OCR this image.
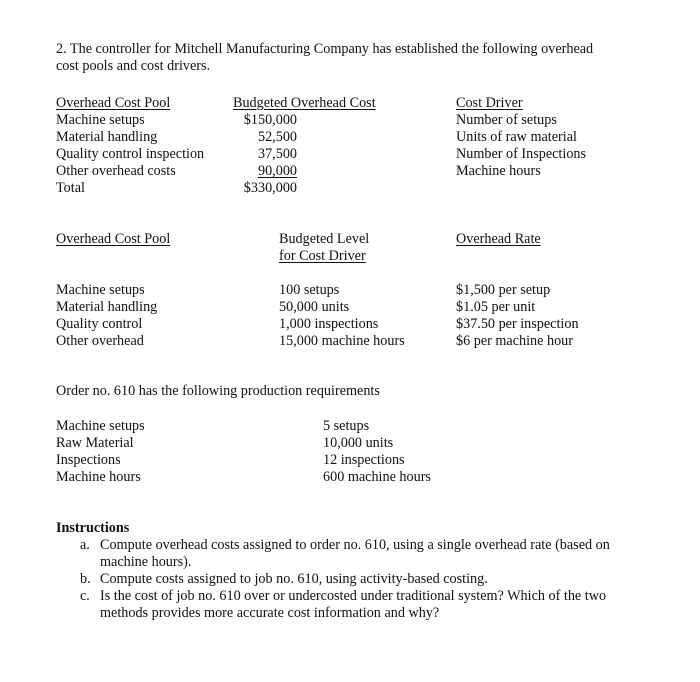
2. The controller for Mitchell Manufacturing Company has established the following overhead
cost pools and cost drivers.
Overhead Cost Pool
Machine setups
Material handling
Quality control inspection
Other overhead costs
Total
Budgeted Overhead Cost
$150,000
52,500
37,500
90,000
$330,000
Cost Driver
Number of setups
Units of raw material
Number of Inspections
Machine hours
Overhead Cost Pool	Budgeted Level
for Cost Driver
Overhead Rate
Machine setups
Material handling
Quality control
Other overhead
100 setups
50,000 units
1,000 inspections
15,000 machine hours
$1,500 per setup
$1.05 per unit
$37.50 per inspection
$6 per machine hour
Order no. 610 has the following production requirements
Machine setups
Raw Material
Inspections
Machine hours
5 setups
10,000 units
12 inspections
600 machine hours
Instructions
a. Compute overhead costs assigned to order no. 610, using a single overhead rate (based on machine hours).
b. Compute costs assigned to job no. 610, using activity-based costing.
c. Is the cost of job no. 610 over or undercosted under traditional system? Which of the two methods provides more accurate cost information and why?
